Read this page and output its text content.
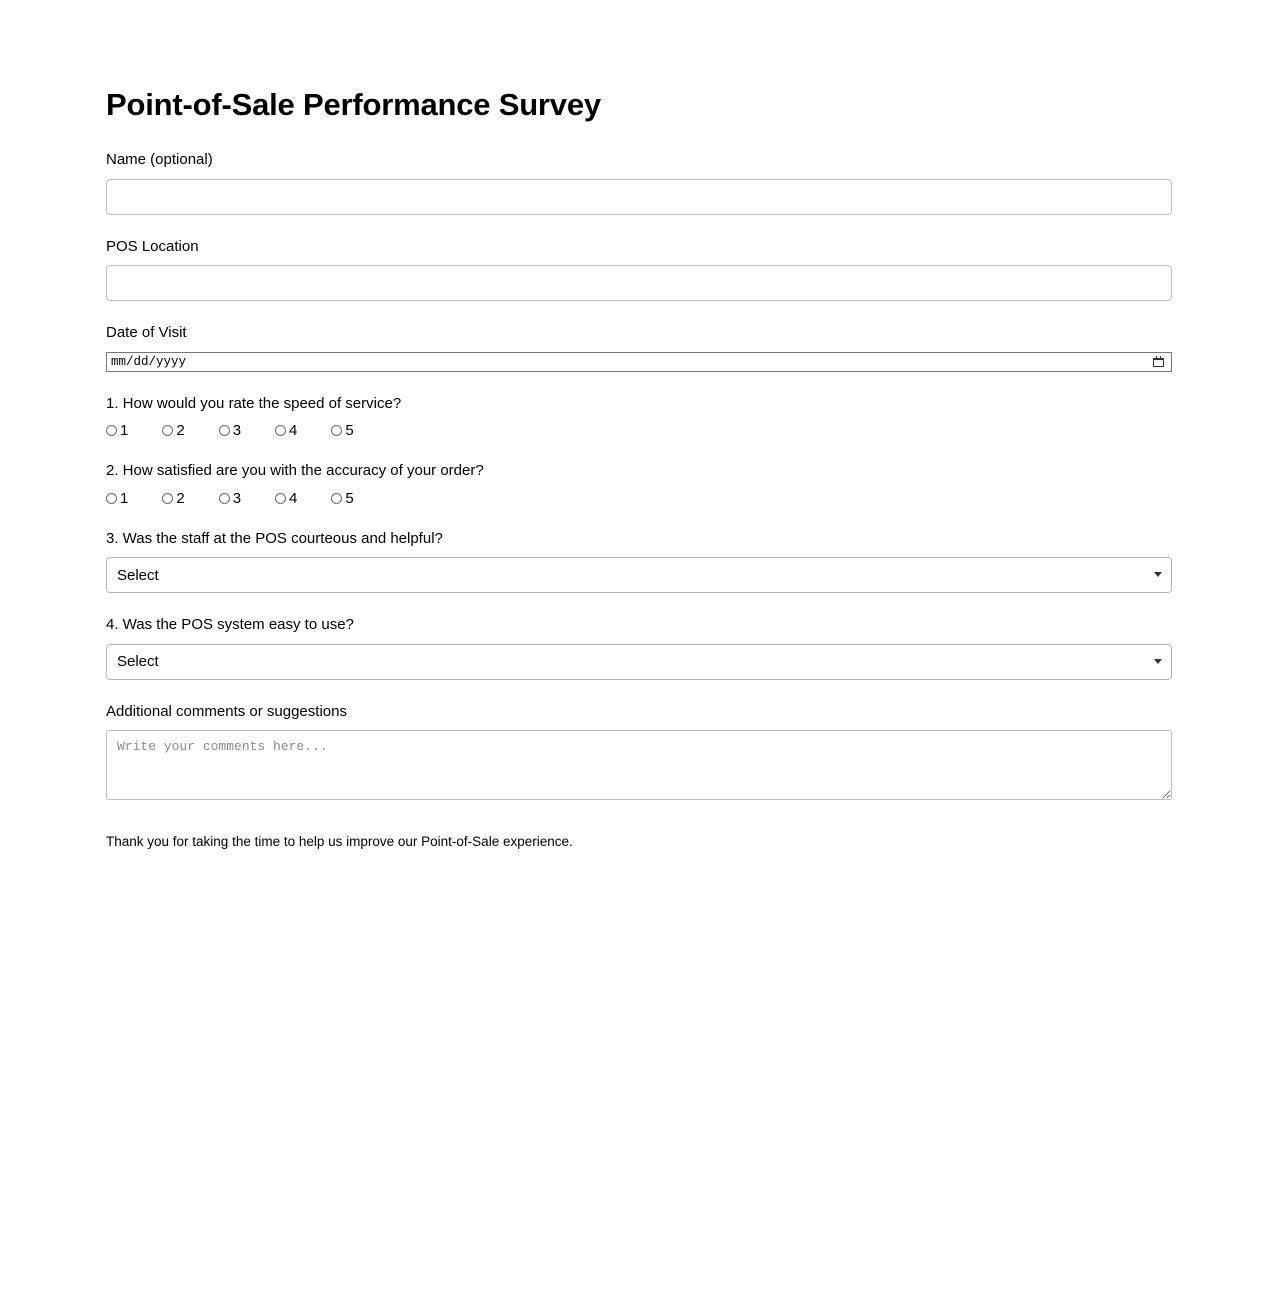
Point-of-Sale Performance Survey
Name (optional)
POS Location
Date of Visit
mm/dd/yyyy
1. How would you rate the speed of service?
1	2	3	4	5
2. How satisfied are you with the accuracy of your order?
1	2	3	4	5
3. Was the staff at the POS courteous and helpful?
Select
4. Was the POS system easy to use?
Select
Additional comments or suggestions
Write your comments here...
Thank you for taking the time to help us improve our Point-of-Sale experience.
